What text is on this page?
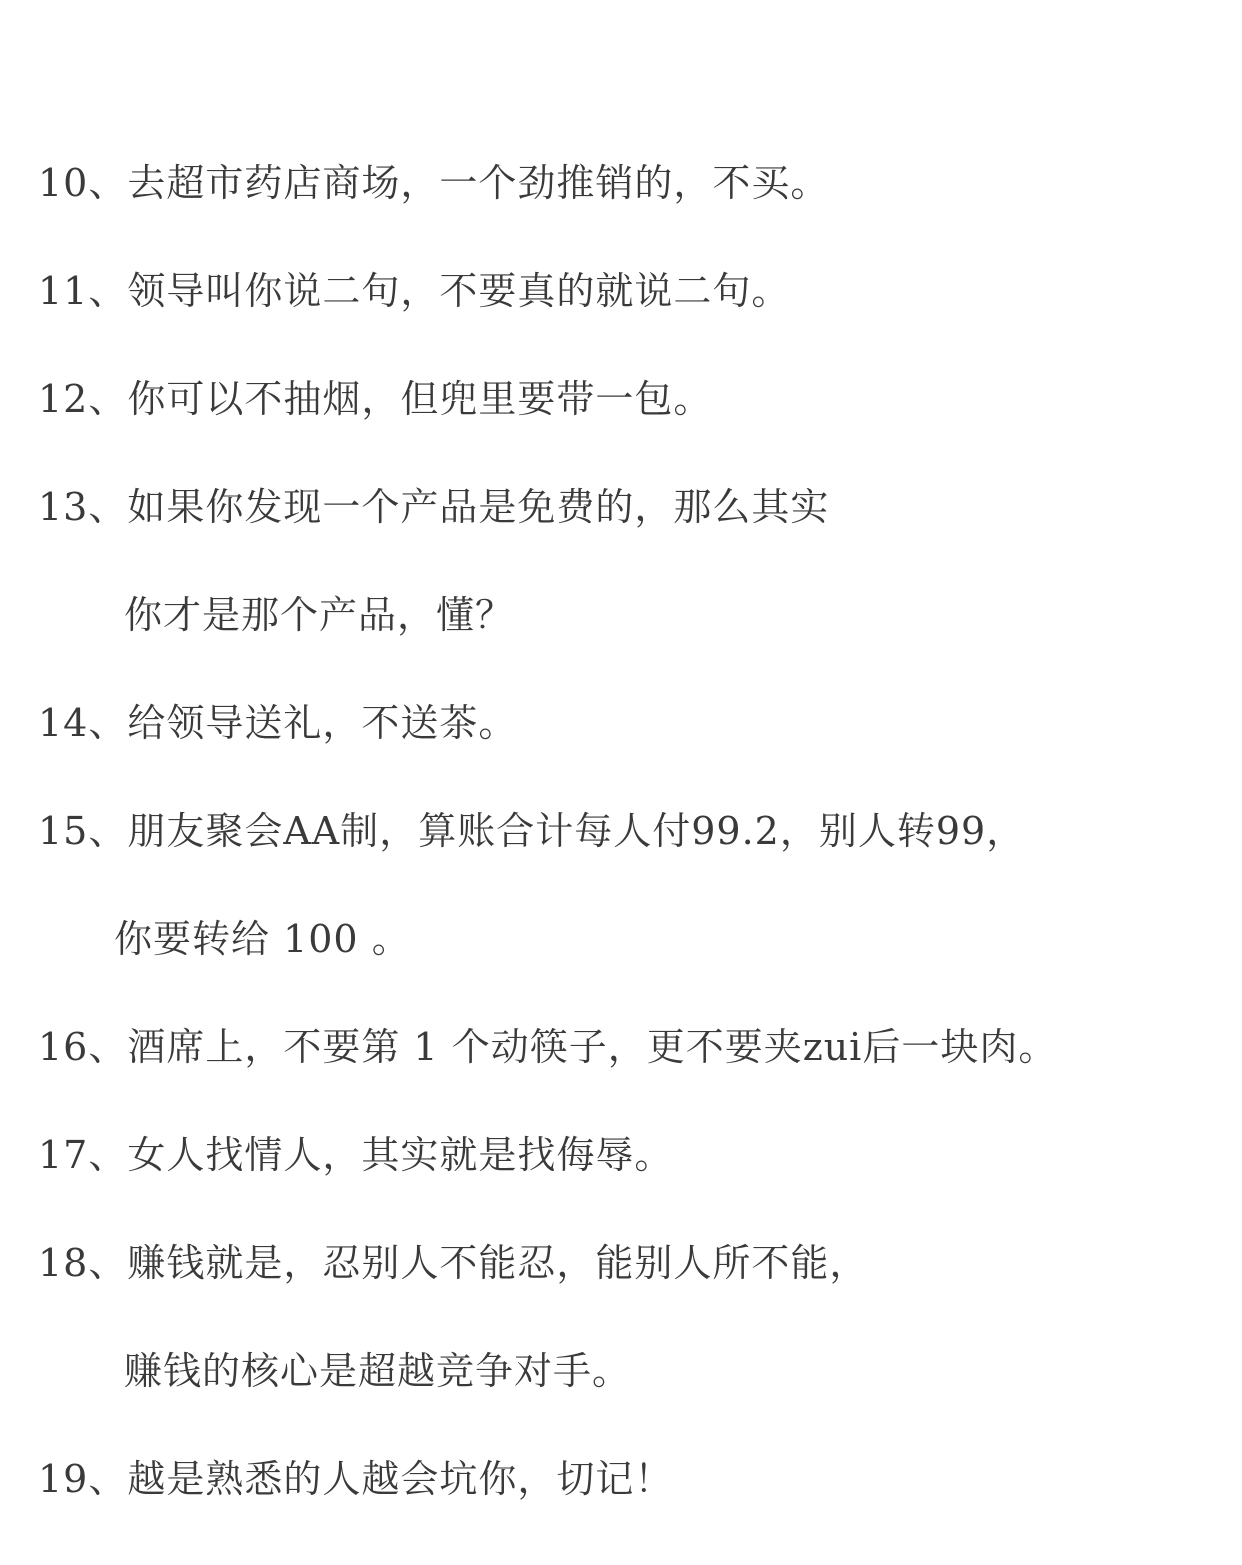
10、去超市药店商场，一个劲推销的，不买。
11、领导叫你说二句，不要真的就说二句。
12、你可以不抽烟，但兜里要带一包。
13、如果你发现一个产品是免费的，那么其实
你才是那个产品，懂？
14、给领导送礼，不送茶。
15、朋友聚会AA制，算账合计每人付99.2，别人转99，
你要转给 100 。
16、酒席上，不要第 1 个动筷子，更不要夹zui后一块肉。
17、女人找情人，其实就是找侮辱。
18、赚钱就是，忍别人不能忍，能别人所不能，
赚钱的核心是超越竞争对手。
19、越是熟悉的人越会坑你，切记！
